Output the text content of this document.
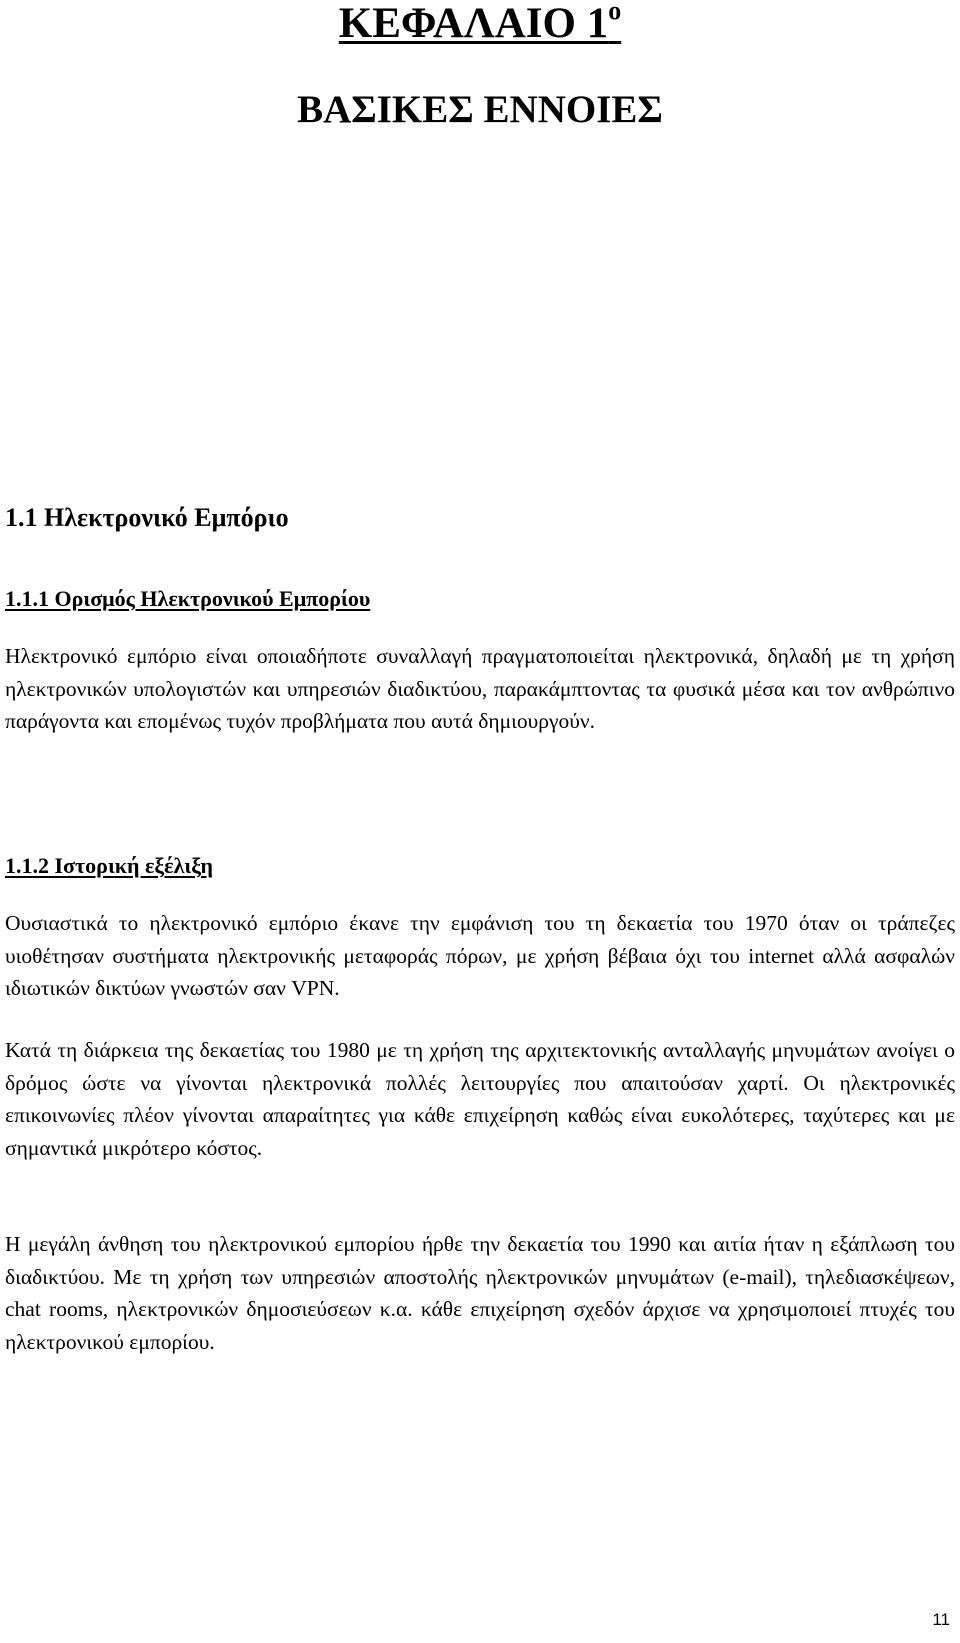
ΚΕΦΑΛΑΙΟ $1^o$
ΒΑΣΙΚΕΣ ΕΝΝΟΙΕΣ
1.1 Ηλεκτρονικό Εμπόριο
1.1.1 Ορισμός Ηλεκτρονικού Εμπορίου

Ηλεκτρονικό εμπόριο είναι οποιαδήποτε συναλλαγή πραγματοποιείται ηλεκτρονικά, δηλαδή με τη χρήση ηλεκτρονικών υπολογιστών και υπηρεσιών διαδικτύου, παρακάμπτοντας τα φυσικά μέσα και τον ανθρώπινο παράγοντα και επομένως τυχόν προβλήματα που αυτά δημιουργούν.

1.1.2 Ιστορική εξέλιξη

Ουσιαστικά το ηλεκτρονικό εμπόριο έκανε την εμφάνιση του τη δεκαετία του 1970 όταν οι τράπεζες υιοθέτησαν συστήματα ηλεκτρονικής μεταφοράς πόρων, με χρήση βέβαια όχι του internet αλλά ασφαλών ιδιωτικών δικτύων γνωστών σαν VPN.

Κατά τη διάρκεια της δεκαετίας του 1980 με τη χρήση της αρχιτεκτονικής ανταλλαγής μηνυμάτων ανοίγει ο δρόμος ώστε να γίνονται ηλεκτρονικά πολλές λειτουργίες που απαιτούσαν χαρτί. Οι ηλεκτρονικές επικοινωνίες πλέον γίνονται απαραίτητες για κάθε επιχείρηση καθώς είναι ευκολότερες, ταχύτερες και με σημαντικά μικρότερο κόστος.

Η μεγάλη άνθηση του ηλεκτρονικού εμπορίου ήρθε την δεκαετία του 1990 και αιτία ήταν η εξάπλωση του διαδικτύου. Με τη χρήση των υπηρεσιών αποστολής ηλεκτρονικών μηνυμάτων (e-mail), τηλεδιασκέψεων, chat rooms, ηλεκτρονικών δημοσιεύσεων κ.α. κάθε επιχείρηση σχεδόν άρχισε να χρησιμοποιεί πτυχές του ηλεκτρονικού εμπορίου.

11
